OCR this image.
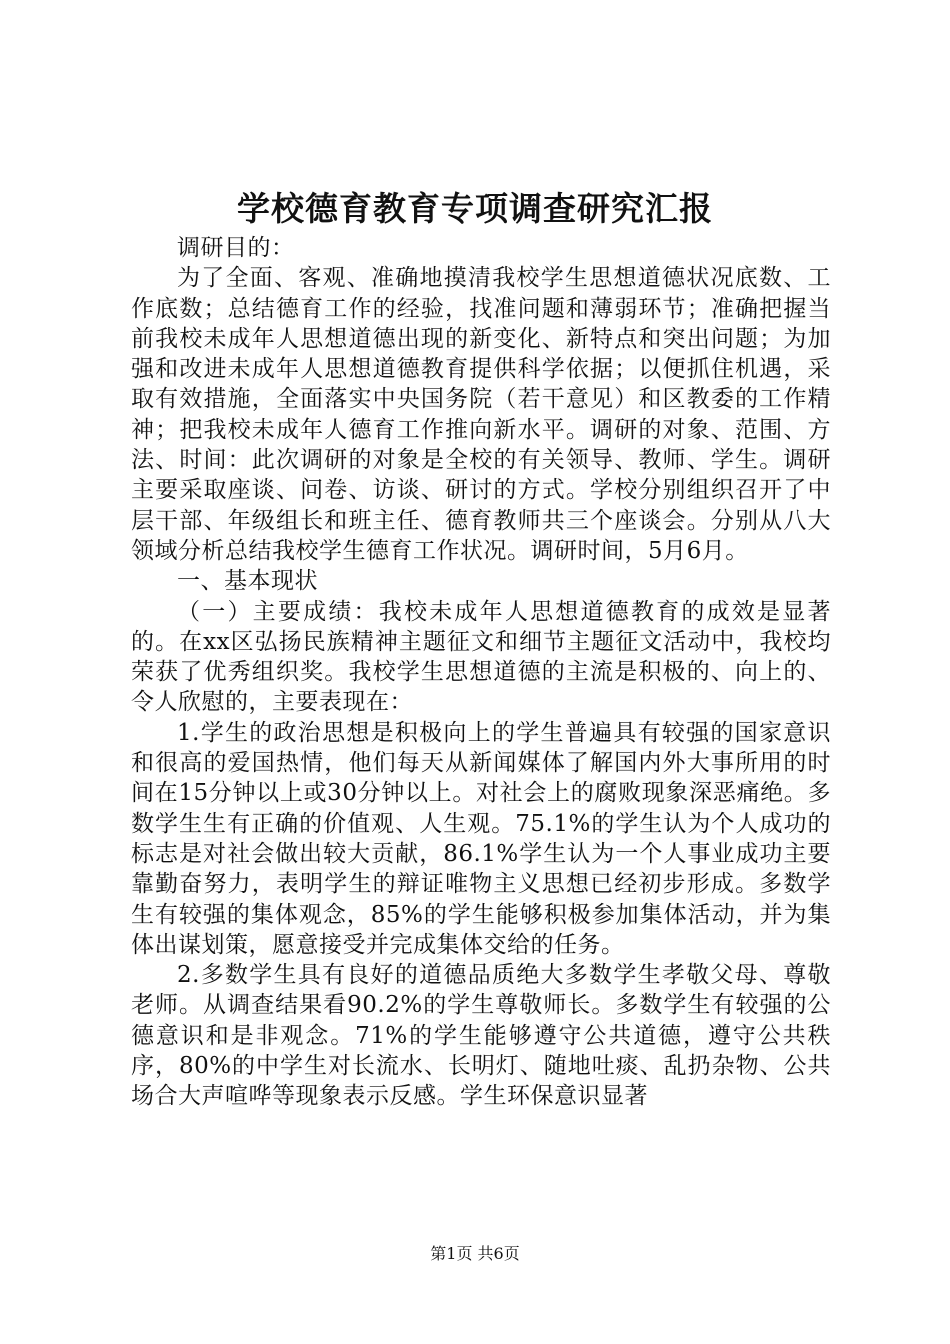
学校德育教育专项调查研究汇报

调研目的：

为了全面、客观、准确地摸清我校学生思想道德状况底数、工作底数；总结德育工作的经验，找准问题和薄弱环节；准确把握当前我校未成年人思想道德出现的新变化、新特点和突出问题；为加强和改进未成年人思想道德教育提供科学依据；以便抓住机遇，采取有效措施，全面落实中央国务院（若干意见）和区教委的工作精神；把我校未成年人德育工作推向新水平。调研的对象、范围、方法、时间：此次调研的对象是全校的有关领导、教师、学生。调研主要采取座谈、问卷、访谈、研讨的方式。学校分别组织召开了中层干部、年级组长和班主任、德育教师共三个座谈会。分别从八大领域分析总结我校学生德育工作状况。调研时间，5月6月。

一、基本现状

（一）主要成绩：我校未成年人思想道德教育的成效是显著的。在xx区弘扬民族精神主题征文和细节主题征文活动中，我校均荣获了优秀组织奖。我校学生思想道德的主流是积极的、向上的、令人欣慰的，主要表现在：

1.学生的政治思想是积极向上的学生普遍具有较强的国家意识和很高的爱国热情，他们每天从新闻媒体了解国内外大事所用的时间在15分钟以上或30分钟以上。对社会上的腐败现象深恶痛绝。多数学生生有正确的价值观、人生观。75.1%的学生认为个人成功的标志是对社会做出较大贡献，86.1%学生认为一个人事业成功主要靠勤奋努力，表明学生的辩证唯物主义思想已经初步形成。多数学生有较强的集体观念，85%的学生能够积极参加集体活动，并为集体出谋划策，愿意接受并完成集体交给的任务。

2.多数学生具有良好的道德品质绝大多数学生孝敬父母、尊敬老师。从调查结果看90.2%的学生尊敬师长。多数学生有较强的公德意识和是非观念。71%的学生能够遵守公共道德，遵守公共秩序，80%的中学生对长流水、长明灯、随地吐痰、乱扔杂物、公共场合大声喧哗等现象表示反感。学生环保意识显著

第1页 共6页
